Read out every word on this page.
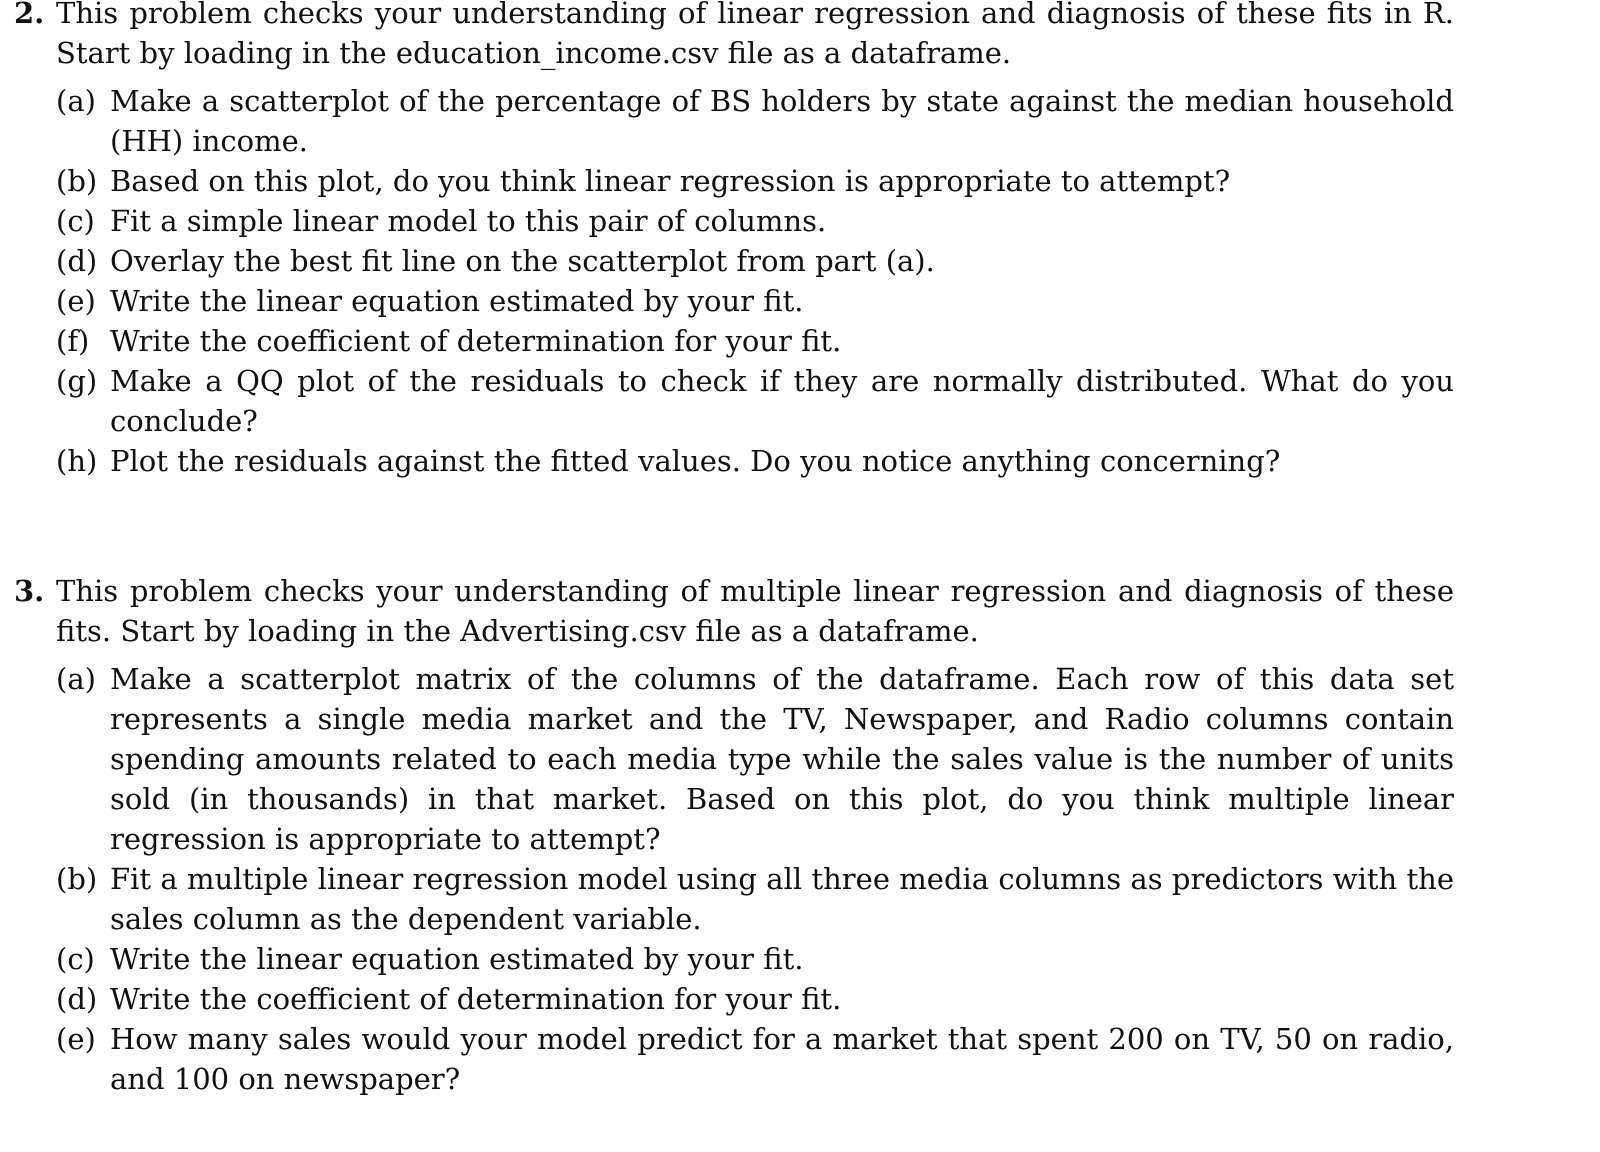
2. This problem checks your understanding of linear regression and diagnosis of these fits in R. Start by loading in the education_income.csv file as a dataframe.

(a) Make a scatterplot of the percentage of BS holders by state against the median household (HH) income.
(b) Based on this plot, do you think linear regression is appropriate to attempt?
(c) Fit a simple linear model to this pair of columns.
(d) Overlay the best fit line on the scatterplot from part (a).
(e) Write the linear equation estimated by your fit.
(f) Write the coefficient of determination for your fit.
(g) Make a QQ plot of the residuals to check if they are normally distributed. What do you conclude?
(h) Plot the residuals against the fitted values. Do you notice anything concerning?

3. This problem checks your understanding of multiple linear regression and diagnosis of these fits. Start by loading in the Advertising.csv file as a dataframe.

(a) Make a scatterplot matrix of the columns of the dataframe. Each row of this data set represents a single media market and the TV, Newspaper, and Radio columns contain spending amounts related to each media type while the sales value is the number of units sold (in thousands) in that market. Based on this plot, do you think multiple linear regression is appropriate to attempt?
(b) Fit a multiple linear regression model using all three media columns as predictors with the sales column as the dependent variable.
(c) Write the linear equation estimated by your fit.
(d) Write the coefficient of determination for your fit.
(e) How many sales would your model predict for a market that spent 200 on TV, 50 on radio, and 100 on newspaper?
